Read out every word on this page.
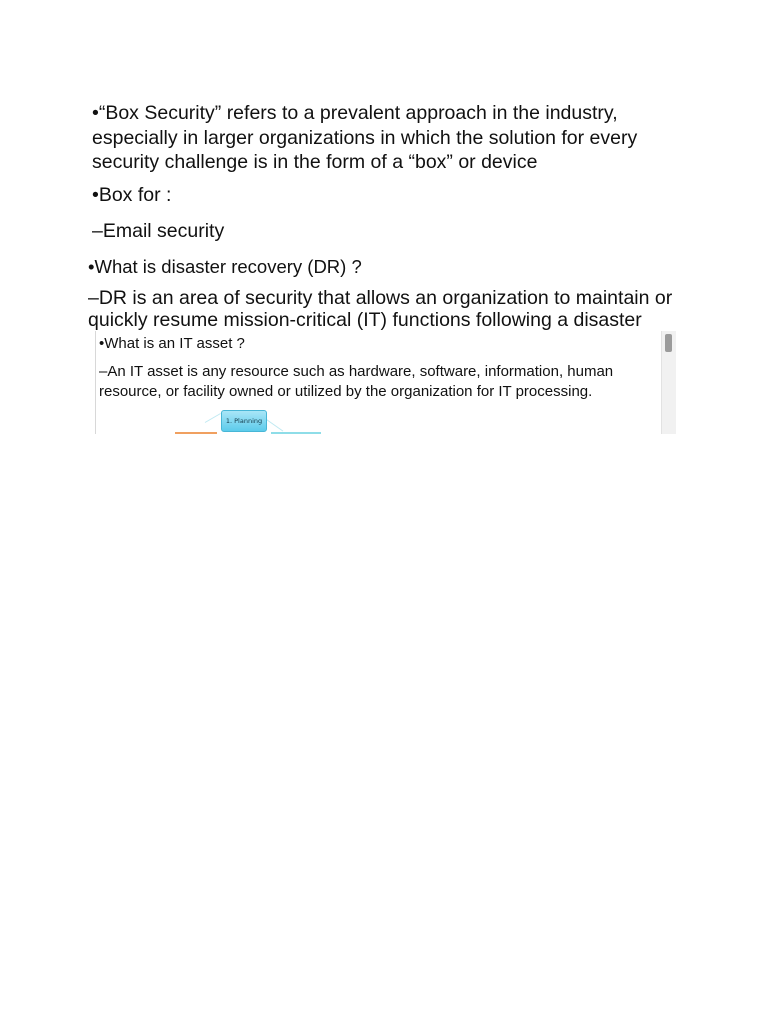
•“Box Security” refers to a prevalent approach in the industry,
especially in larger organizations in which the solution for every
security challenge is in the form of a “box” or device
•Box for :
–Email security
•What is disaster recovery (DR) ?
–DR is an area of security that allows an organization to maintain or
quickly resume mission-critical (IT) functions following a disaster
•What is an IT asset ?
–An IT asset is any resource such as hardware, software, information, human
resource, or facility owned or utilized by the organization for IT processing.
1. Planning
